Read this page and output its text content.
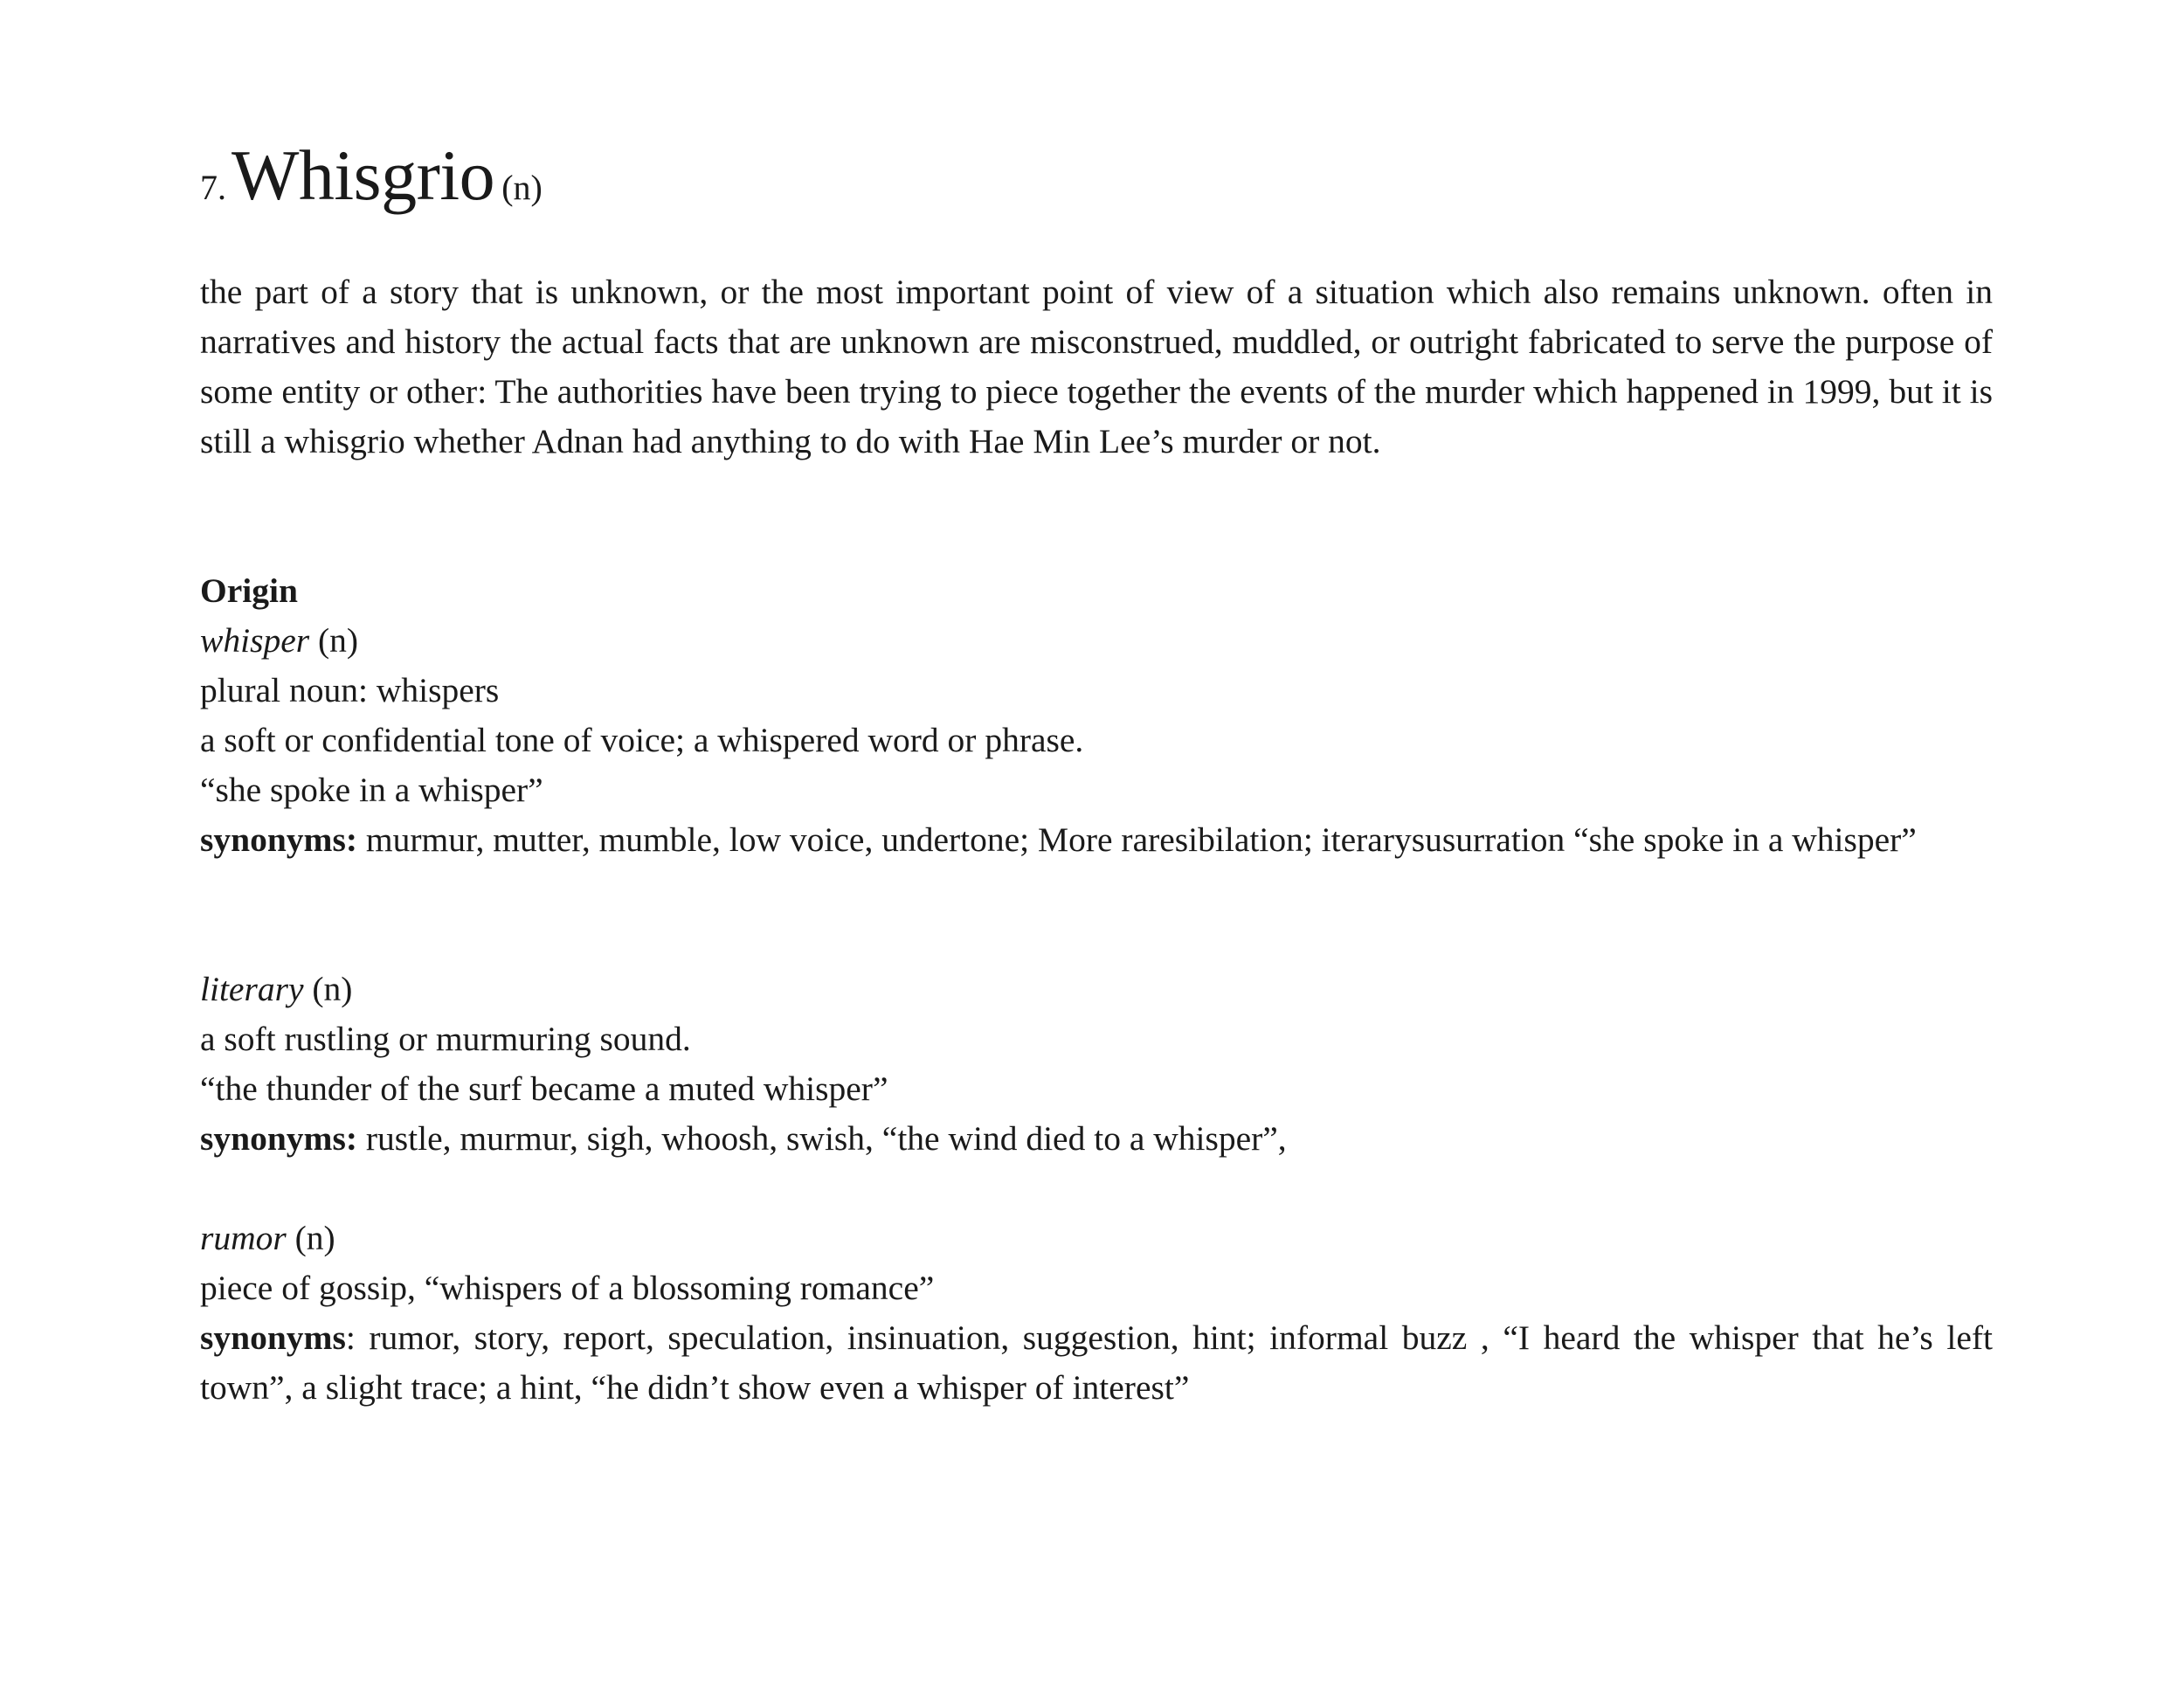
7.Whisgrio (n)

the part of a story that is unknown, or the most important point of view of a situation which also remains unknown. often in narratives and history the actual facts that are unknown are misconstrued, muddled, or outright fabricated to serve the purpose of some entity or other: The authorities have been trying to piece together the events of the murder which happened in 1999, but it is still a whisgrio whether Adnan had anything to do with Hae Min Lee’s murder or not.

Origin
whisper (n)
plural noun: whispers
a soft or confidential tone of voice; a whispered word or phrase.
“she spoke in a whisper”
synonyms: murmur, mutter, mumble, low voice, undertone; More raresibilation; iterarysusurration “she spoke in a whisper”
literary (n)
a soft rustling or murmuring sound.
“the thunder of the surf became a muted whisper”
synonyms: rustle, murmur, sigh, whoosh, swish, “the wind died to a whisper”,
rumor (n)
piece of gossip, “whispers of a blossoming romance”
synonyms: rumor, story, report, speculation, insinuation, suggestion, hint; informal buzz , “I heard the whisper that he’s left town”, a slight trace; a hint, “he didn’t show even a whisper of interest”
